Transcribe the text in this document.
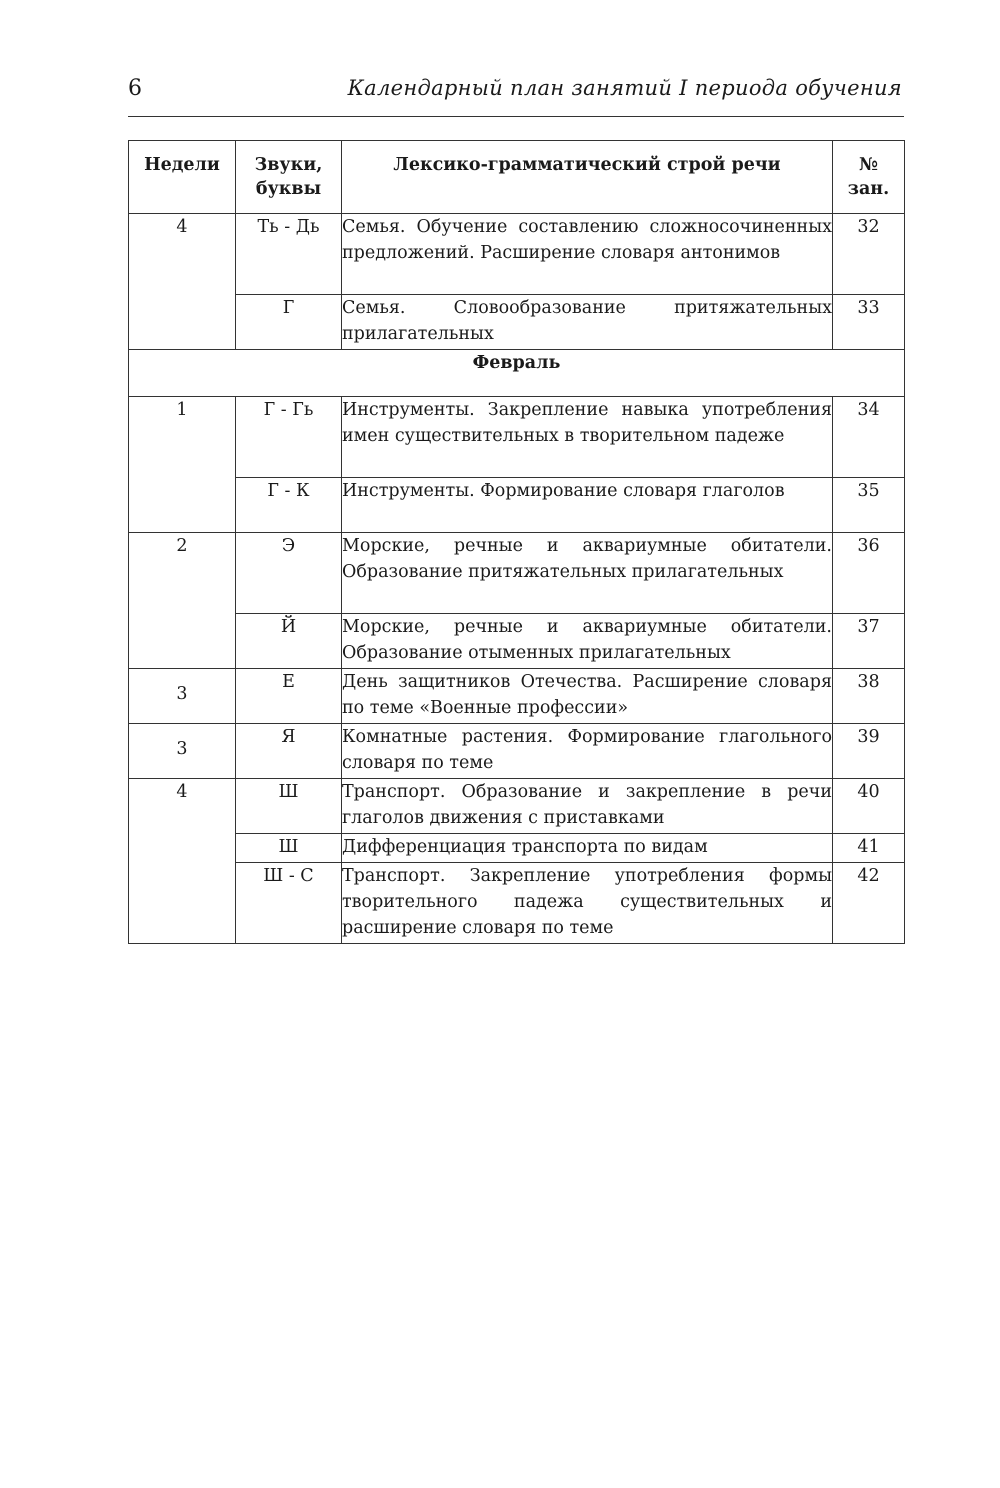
6	Календарный план занятий I периода обучения
Недели	Звуки, буквы	Лексико-грамматический строй речи	№
зан.

4	Ть - Дь	Семья. Обучение составлению сложносочиненных предложений. Расширение словаря антонимов	32
	Г	Семья. Словообразование притяжательных прилагательных	33
Февраль			
1	Г - Гь	Инструменты. Закрепление навыка употребления имен существительных в творительном падеже	34
	Г - К	Инструменты. Формирование словаря глаголов	35
2	Э	Морские, речные и аквариумные обитатели. Образование притяжательных прилагательных	36
	Й	Морские, речные и аквариумные обитатели. Образование отыменных прилагательных	37
3	Е	День защитников Отечества. Расширение словаря по теме «Военные профессии»	38
3	Я	Комнатные растения. Формирование глагольного словаря по теме	39
4	Ш	Транспорт. Образование и закрепление в речи глаголов движения с приставками	40
	Ш	Дифференциация транспорта по видам	41
	Ш - С	Транспорт. Закрепление употребления формы творительного падежа существительных и расширение словаря по теме	42
